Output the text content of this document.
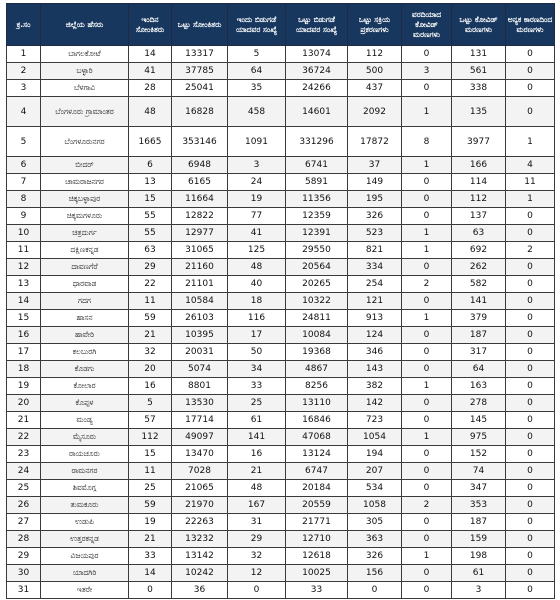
ಕ್ರ.ಸಂ	ಜಿಲ್ಲೆಯ ಹೆಸರು	ಇಂದಿನ ಸೋಂಕಿತರು	ಒಟ್ಟು ಸೋಂಕಿತರು	ಇಂದು ಬಿಡುಗಡೆ ಯಾದವರ ಸಂಖ್ಯೆ	ಒಟ್ಟು ಬಿಡುಗಡೆ ಯಾದವರ ಸಂಖ್ಯೆ	ಒಟ್ಟು ಸಕ್ರಿಯ ಪ್ರಕರಣಗಳು	ವರದಿಯಾದ ಕೋವಿಡ್ ಮರಣಗಳು	ಒಟ್ಟು ಕೋವಿಡ್ ಮರಣಗಳು	ಅನ್ಯಕ ಕಾರಣದಿಂದ ಮರಣಗಳು
1	ಬಾಗಲಕೋಟೆ	14	13317	5	13074	112	0	131	0
2	ಬಳ್ಳಾರಿ	41	37785	64	36724	500	3	561	0
3	ಬೆಳಗಾವಿ	28	25041	35	24266	437	0	338	0
4	ಬೆಂಗಳೂರು ಗ್ರಾಮಾಂತರ	48	16828	458	14601	2092	1	135	0
5	ಬೆಂಗಳೂರುನಗರ	1665	353146	1091	331296	17872	8	3977	1
6	ಬೀದರ್	6	6948	3	6741	37	1	166	4
7	ಚಾಮರಾಜನಗರ	13	6165	24	5891	149	0	114	11
8	ಚಿಕ್ಕಬಳ್ಳಾಪುರ	15	11664	19	11356	195	0	112	1
9	ಚಿಕ್ಕಮಗಳೂರು	55	12822	77	12359	326	0	137	0
10	ಚಿತ್ರದುರ್ಗ	55	12977	41	12391	523	1	63	0
11	ದಕ್ಷಿಣಕನ್ನಡ	63	31065	125	29550	821	1	692	2
12	ದಾವಣಗೆರೆ	29	21160	48	20564	334	0	262	0
13	ಧಾರವಾಡ	22	21101	40	20265	254	2	582	0
14	ಗದಗ	11	10584	18	10322	121	0	141	0
15	ಹಾಸನ	59	26103	116	24811	913	1	379	0
16	ಹಾವೇರಿ	21	10395	17	10084	124	0	187	0
17	ಕಲಬುರಗಿ	32	20031	50	19368	346	0	317	0
18	ಕೊಡಗು	20	5074	34	4867	143	0	64	0
19	ಕೋಲಾರ	16	8801	33	8256	382	1	163	0
20	ಕೊಪ್ಪಳ	5	13530	25	13110	142	0	278	0
21	ಮಂಡ್ಯ	57	17714	61	16846	723	0	145	0
22	ಮೈಸೂರು	112	49097	141	47068	1054	1	975	0
23	ರಾಯಚೂರು	15	13470	16	13124	194	0	152	0
24	ರಾಮನಗರ	11	7028	21	6747	207	0	74	0
25	ಶಿವಮೊಗ್ಗ	25	21065	48	20184	534	0	347	0
26	ತುಮಕೂರು	59	21970	167	20559	1058	2	353	0
27	ಉಡುಪಿ	19	22263	31	21771	305	0	187	0
28	ಉತ್ತರಕನ್ನಡ	21	13232	29	12710	363	0	159	0
29	ವಿಜಯಪುರ	33	13142	32	12618	326	1	198	0
30	ಯಾದಗಿರಿ	14	10242	12	10025	156	0	61	0
31	ಇತರೇ	0	36	0	33	0	0	3	0
